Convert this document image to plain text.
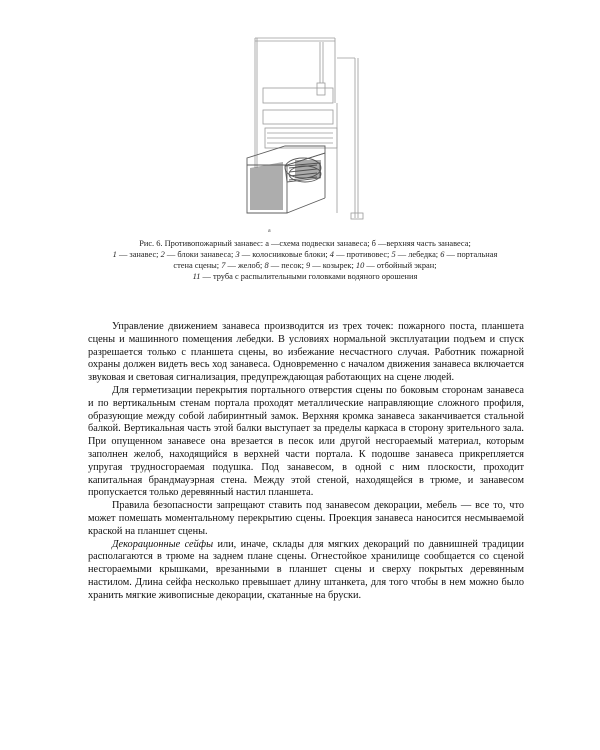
a

Рис. 6. Противопожарный занавес: а —схема подвески занавеса; б —верхняя часть занавеса;

1 — занавес; 2 — блоки занавеса; 3 — колосниковые блоки; 4 — противовес; 5 — лебедка; 6 — портальная

стена сцены; 7 — желоб; 8 — песок; 9 — козырек; 10 — отбойный экран;

11 — труба с распылительными головками водяного орошения

Управление движением занавеса производится из трех точек: пожарного поста, планшета сцены и машинного помещения лебедки. В условиях нормальной эксплуатации подъем и спуск разрешается только с планшета сцены, во избежание несчастного случая. Работник пожарной охраны должен видеть весь ход занавеса. Одновременно с началом движения занавеса включается звуковая и световая сигнализация, предупреждающая работающих на сцене людей.

Для герметизации перекрытия портального отверстия сцены по боковым сторонам занавеса и по вертикальным стенам портала проходят металлические направляющие сложного профиля, образующие между собой лабиринтный замок. Верхняя кромка занавеса заканчивается стальной балкой. Вертикальная часть этой балки выступает за пределы каркаса в сторону зрительного зала. При опущенном занавесе она врезается в песок или другой несгораемый материал, которым заполнен желоб, находящийся в верхней части портала. К подошве занавеса прикрепляется упругая трудносгораемая подушка. Под занавесом, в одной с ним плоскости, проходит капитальная брандмауэрная стена. Между этой стеной, находящейся в трюме, и занавесом пропускается только деревянный настил планшета.

Правила безопасности запрещают ставить под занавесом декорации, мебель — все то, что может помешать моментальному перекрытию сцены. Проекция занавеса наносится несмываемой краской на планшет сцены.

Декорационные сейфы или, иначе, склады для мягких декораций по давнишней традиции располагаются в трюме на заднем плане сцены. Огнестойкое хранилище сообщается со сценой несгораемыми крышками, врезанными в планшет сцены и сверху покрытых деревянным настилом. Длина сейфа несколько превышает длину штанкета, для того чтобы в нем можно было хранить мягкие живописные декорации, скатанные на бруски.
